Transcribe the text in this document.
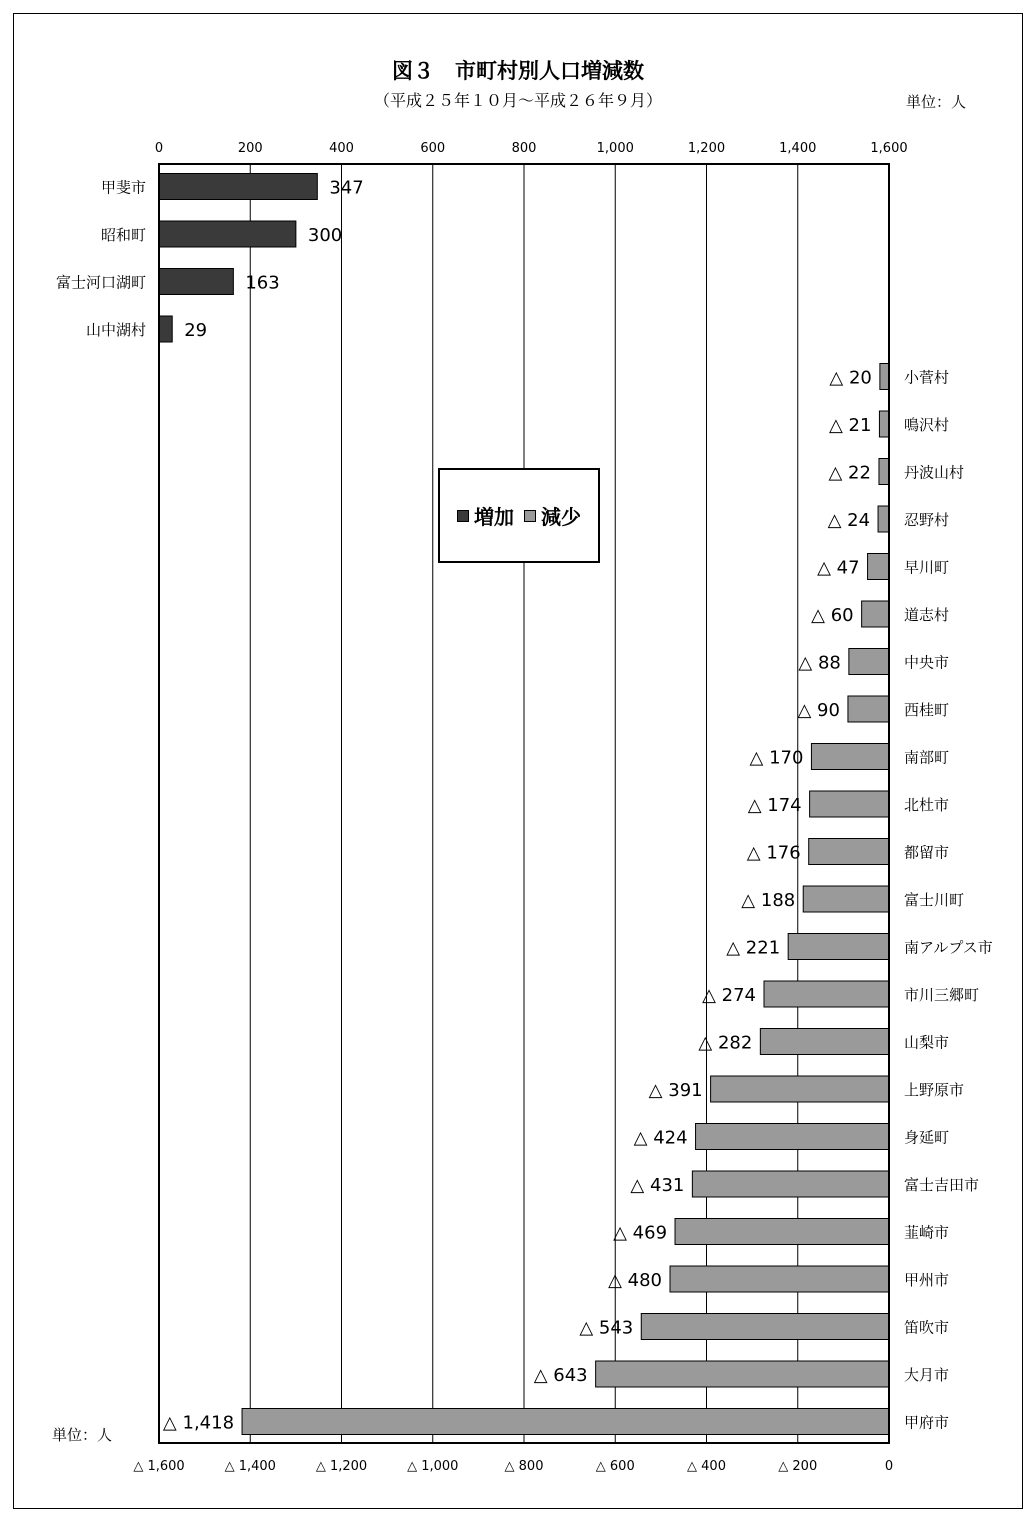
図３　市町村別人口増減数
（平成２５年１０月～平成２６年９月）	単位：人
単位：人
0	200	400	600	800	1,000	1,200	1,400	1,600
△ 1,600	△ 1,400	△ 1,200	△ 1,000	△ 800	△ 600	△ 400	△ 200	0
347
甲斐市
300
昭和町
163
富士河口湖町
29
山中湖村
△ 20 小菅村
△ 21 鳴沢村
△ 22 丹波山村
△ 24 忍野村
△ 47	早川町
△ 60	道志村
△ 88	中央市
△ 90	西桂町
△ 170	南部町
△ 174	北杜市
△ 176	都留市
△ 188	富士川町
△ 221	南アルプス市
△ 274	市川三郷町
△ 282	山梨市
△ 391	上野原市
△ 424	身延町
△ 431	富士吉田市
△ 469	韮崎市
△ 480	甲州市
△ 543	笛吹市
△ 643	大月市
△ 1,418	甲府市
増加 減少
